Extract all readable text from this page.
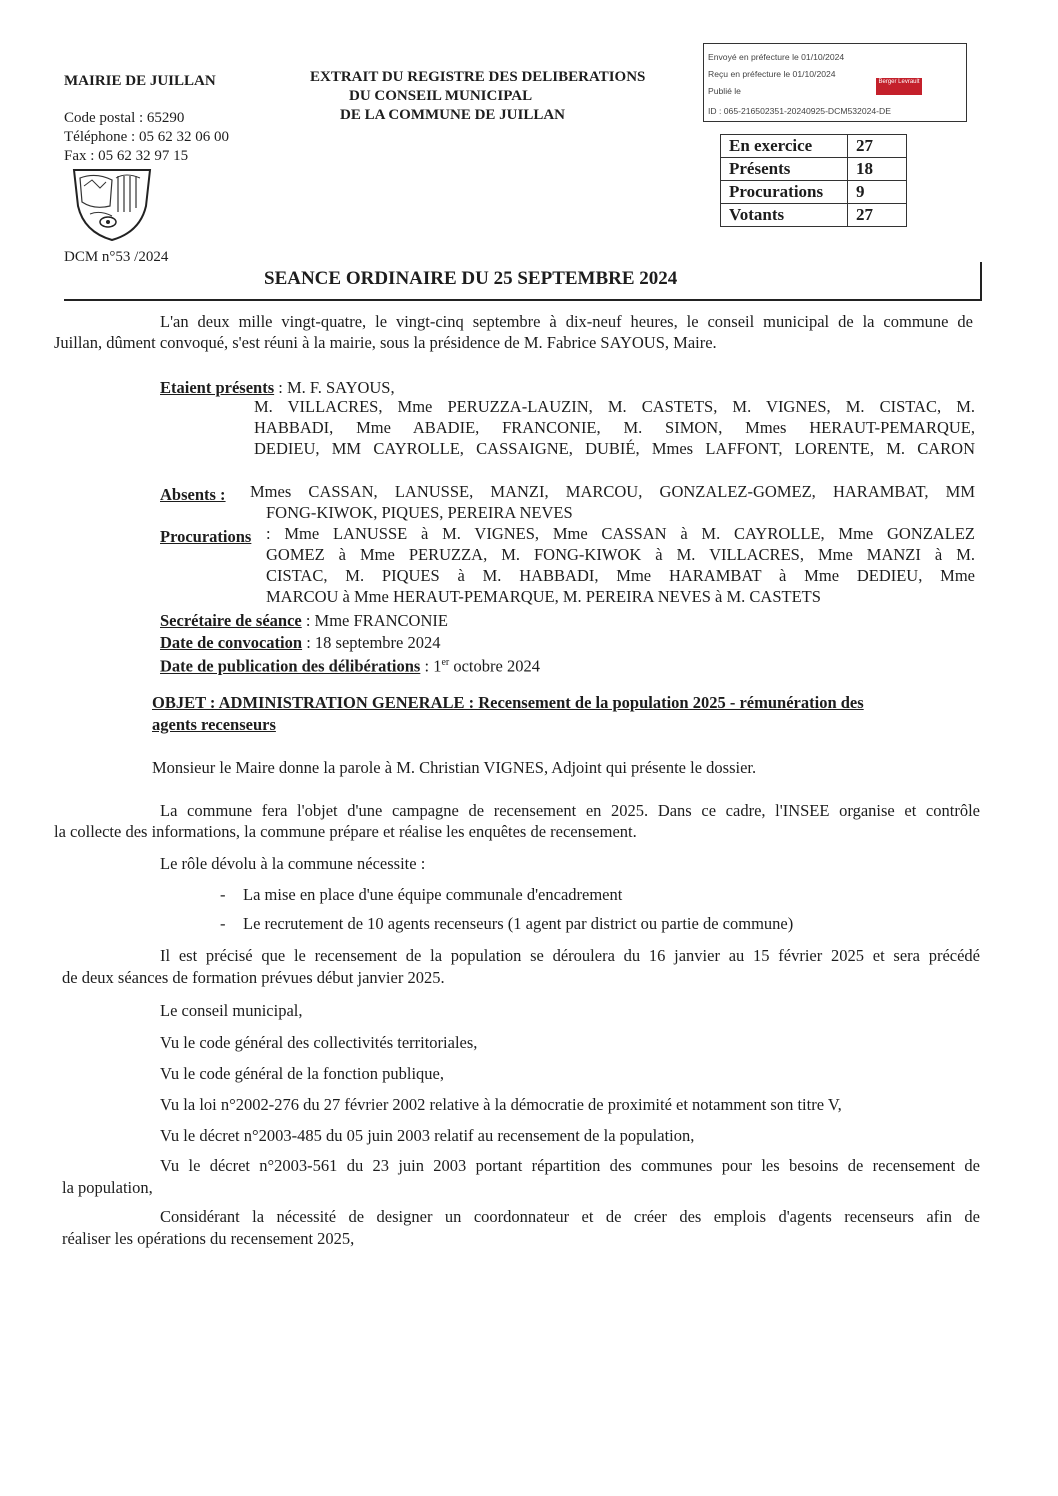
MAIRIE DE JUILLAN
Code postal : 65290
Téléphone : 05 62 32 06 00
Fax : 05 62 32 97 15
DCM n°53 /2024
EXTRAIT DU REGISTRE DES DELIBERATIONS
DU CONSEIL MUNICIPAL
DE LA COMMUNE DE JUILLAN
Envoyé en préfecture le 01/10/2024
Reçu en préfecture le 01/10/2024
Publié le
ID : 065-216502351-20240925-DCM532024-DE
Berger Levrault
En exercice	27
Présents	18
Procurations	9
Votants	27
SEANCE ORDINAIRE DU 25 SEPTEMBRE 2024
L'an deux mille vingt-quatre, le vingt-cinq septembre à dix-neuf heures, le conseil municipal de la commune de
Juillan, dûment convoqué, s'est réuni à la mairie, sous la présidence de M. Fabrice SAYOUS, Maire.
Etaient présents : M. F. SAYOUS,
M. VILLACRES, Mme PERUZZA-LAUZIN, M. CASTETS, M. VIGNES, M. CISTAC, M.
HABBADI, Mme ABADIE, FRANCONIE, M. SIMON, Mmes HERAUT-PEMARQUE,
DEDIEU, MM CAYROLLE, CASSAIGNE, DUBIÉ, Mmes LAFFONT, LORENTE, M. CARON
Absents : Mmes CASSAN, LANUSSE, MANZI, MARCOU, GONZALEZ-GOMEZ, HARAMBAT, MM
FONG-KIWOK, PIQUES, PEREIRA NEVES
Procurations : Mme LANUSSE à M. VIGNES, Mme CASSAN à M. CAYROLLE, Mme GONZALEZ
GOMEZ à Mme PERUZZA, M. FONG-KIWOK à M. VILLACRES, Mme MANZI à M.
CISTAC, M. PIQUES à M. HABBADI, Mme HARAMBAT à Mme DEDIEU, Mme
MARCOU à Mme HERAUT-PEMARQUE, M. PEREIRA NEVES à M. CASTETS
Secrétaire de séance : Mme FRANCONIE
Date de convocation : 18 septembre 2024
Date de publication des délibérations : 1er octobre 2024
OBJET : ADMINISTRATION GENERALE : Recensement de la population 2025 - rémunération des
agents recenseurs
Monsieur le Maire donne la parole à M. Christian VIGNES, Adjoint qui présente le dossier.
La commune fera l'objet d'une campagne de recensement en 2025. Dans ce cadre, l'INSEE organise et contrôle
la collecte des informations, la commune prépare et réalise les enquêtes de recensement.
Le rôle dévolu à la commune nécessite :
- La mise en place d'une équipe communale d'encadrement
- Le recrutement de 10 agents recenseurs (1 agent par district ou partie de commune)
Il est précisé que le recensement de la population se déroulera du 16 janvier au 15 février 2025 et sera précédé
de deux séances de formation prévues début janvier 2025.
Le conseil municipal,
Vu le code général des collectivités territoriales,
Vu le code général de la fonction publique,
Vu la loi n°2002-276 du 27 février 2002 relative à la démocratie de proximité et notamment son titre V,
Vu le décret n°2003-485 du 05 juin 2003 relatif au recensement de la population,
Vu le décret n°2003-561 du 23 juin 2003 portant répartition des communes pour les besoins de recensement de
la population,
Considérant la nécessité de designer un coordonnateur et de créer des emplois d'agents recenseurs afin de
réaliser les opérations du recensement 2025,
